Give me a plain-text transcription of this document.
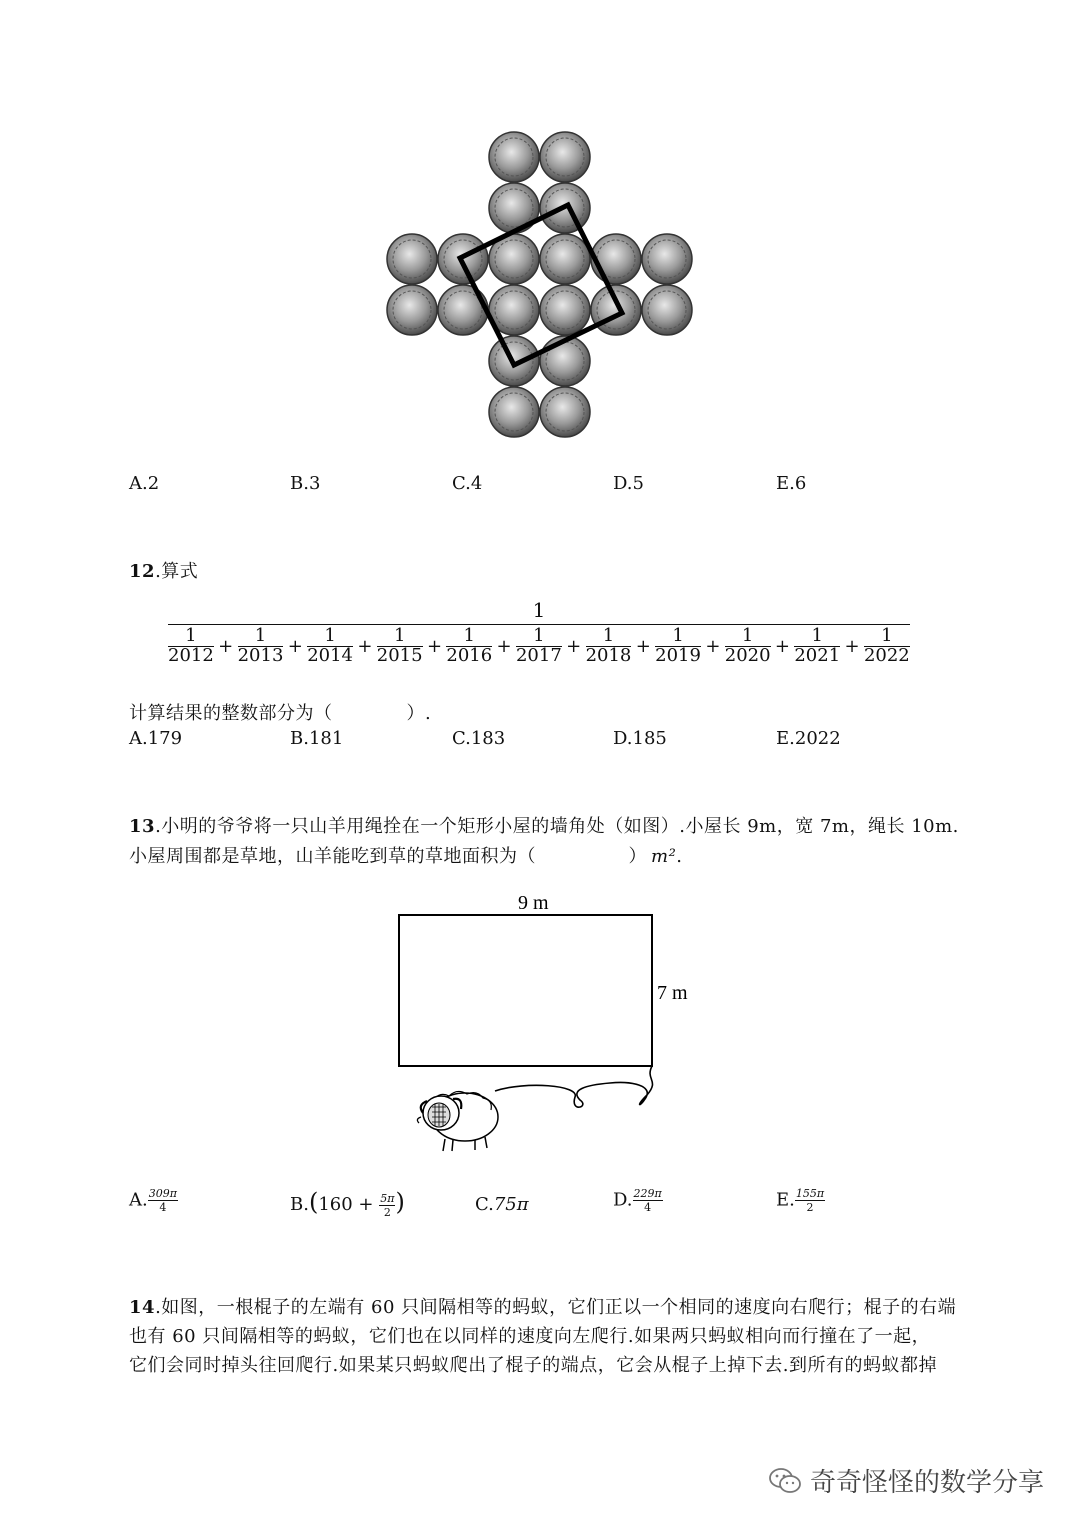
A.2	B.3	C.4	D.5	E.6
12.算式
1
$\frac{1}{2012} + \frac{1}{2013} + \frac{1}{2014} + \frac{1}{2015} + \frac{1}{2016} + \frac{1}{2017} + \frac{1}{2018} + \frac{1}{2019} + \frac{1}{2020} + \frac{1}{2021} + \frac{1}{2022}$
计算结果的整数部分为（　　　　）.
A.179	B.181	C.183	D.185	E.2022
13.小明的爷爷将一只山羊用绳拴在一个矩形小屋的墙角处（如图）.小屋长 9m，宽 7m，绳长 10m.
小屋周围都是草地，山羊能吃到草的草地面积为（　　　　　） m².
9 m
7 m
A. $\frac{309\pi}{4}$	$B.(160 + \frac{5\pi}{2}$ )	C.75π	D. $\frac{229\pi}{4}$	E. $\frac{155\pi}{2}$
14.如图，一根棍子的左端有 60 只间隔相等的蚂蚁，它们正以一个相同的速度向右爬行；棍子的右端
也有 60 只间隔相等的蚂蚁，它们也在以同样的速度向左爬行.如果两只蚂蚁相向而行撞在了一起，
它们会同时掉头往回爬行.如果某只蚂蚁爬出了棍子的端点，它会从棍子上掉下去.到所有的蚂蚁都掉
奇奇怪怪的数学分享
